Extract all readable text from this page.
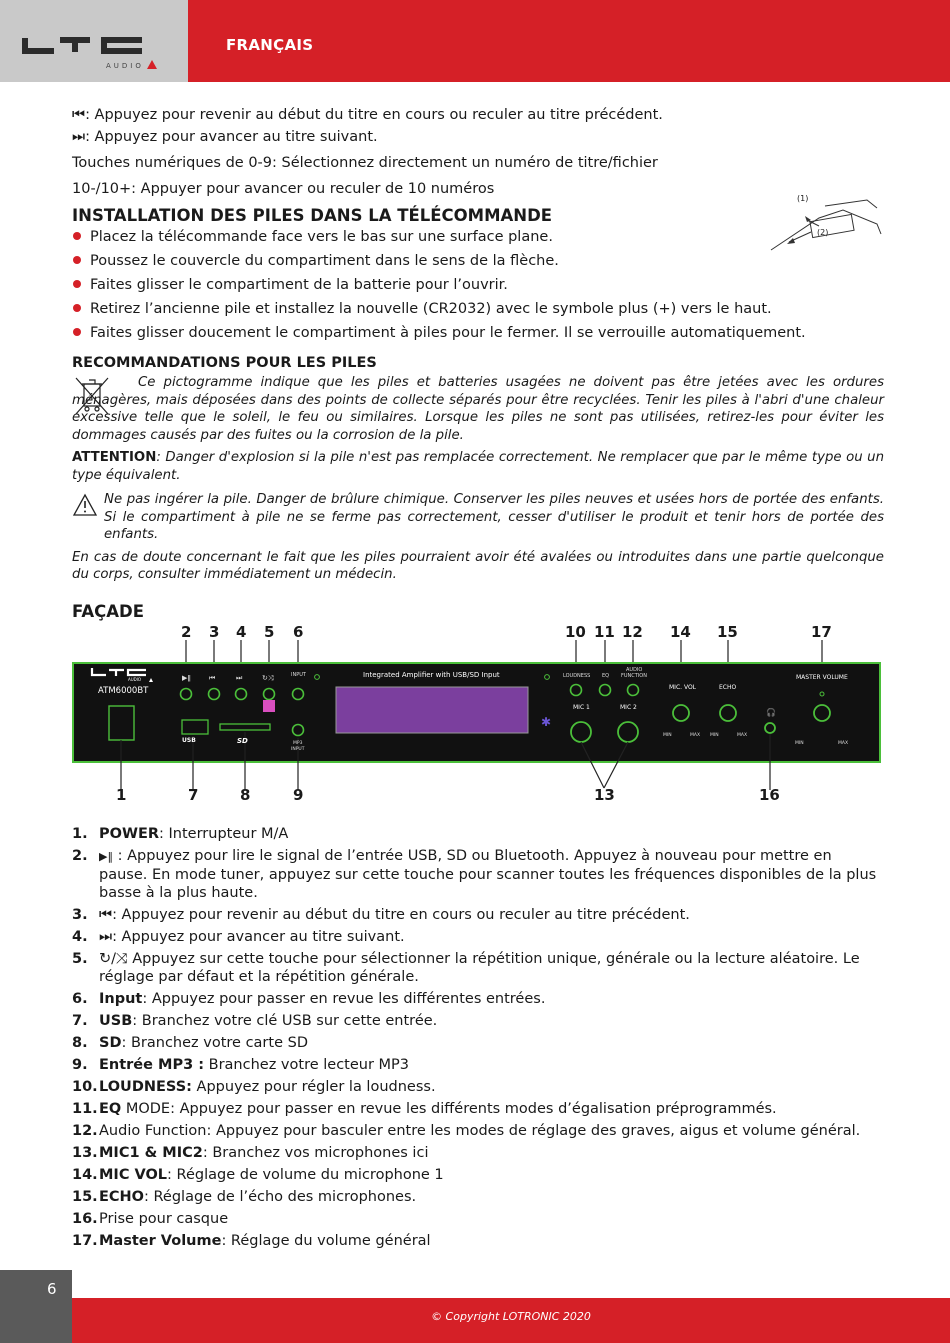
AUDIO
FRANÇAIS
⏮: Appuyez pour revenir au début du titre en cours ou reculer au titre précédent.
⏭: Appuyez pour avancer au titre suivant.
Touches numériques de 0-9: Sélectionnez directement un numéro de titre/fichier
10-/10+: Appuyer pour avancer ou reculer de 10 numéros
INSTALLATION DES PILES DANS LA TÉLÉCOMMANDE
Placez la télécommande face vers le bas sur une surface plane.
Poussez le couvercle du compartiment dans le sens de la flèche.
Faites glisser le compartiment de la batterie pour l’ouvrir.
Retirez l’ancienne pile et installez la nouvelle (CR2032) avec le symbole plus (+) vers le haut.
Faites glisser doucement le compartiment à piles pour le fermer. Il se verrouille automatiquement.
(1)
(2)
RECOMMANDATIONS POUR LES PILES
Ce pictogramme indique que les piles et batteries usagées ne doivent pas être jetées avec les ordures ménagères, mais déposées dans des points de collecte séparés pour être recyclées. Tenir les piles à l'abri d'une chaleur excessive telle que le soleil, le feu ou similaires. Lorsque les piles ne sont pas utilisées, retirez-les pour éviter les dommages causés par des fuites ou la corrosion de la pile.
ATTENTION: Danger d'explosion si la pile n'est pas remplacée correctement. Ne remplacer que par le même type ou un type équivalent.
Ne pas ingérer la pile. Danger de brûlure chimique. Conserver les piles neuves et usées hors de portée des enfants. Si le compartiment à pile ne se ferme pas correctement, cesser d'utiliser le produit et tenir hors de portée des enfants.
En cas de doute concernant le fait que les piles pourraient avoir été avalées ou introduites dans une partie quelconque du corps, consulter immédiatement un médecin.
FAÇADE
▶ǁ	⏮	⏭	↻⤨
✱
🎧
AUDIO
ATM6000BT
INPUT	Integrated Amplifier with USB/SD Input	LOUDNESS EQ
AUDIO
FUNCTION
MIC. VOL	ECHO
MASTER VOLUME
MIC 1	MIC 2
MIN	MAX MIN	MAX
MIN	MAX
USB	SD	MP3
INPUT
2 3 4 5 6	10 11 12 14 15	17
1	7	8	9	13	16
1. POWER: Interrupteur M/A
2. ▶‖ : Appuyez pour lire le signal de l’entrée USB, SD ou Bluetooth. Appuyez à nouveau pour mettre en pause. En mode tuner, appuyez sur cette touche pour scanner toutes les fréquences disponibles de la plus basse à la plus haute.
3. ⏮: Appuyez pour revenir au début du titre en cours ou reculer au titre précédent.
4. ⏭: Appuyez pour avancer au titre suivant.
5. ↻/⤨ Appuyez sur cette touche pour sélectionner la répétition unique, générale ou la lecture aléatoire. Le réglage par défaut et la répétition générale.
6. Input: Appuyez pour passer en revue les différentes entrées.
7. USB: Branchez votre clé USB sur cette entrée.
8. SD: Branchez votre carte SD
9. Entrée MP3 : Branchez votre lecteur MP3
10. LOUDNESS: Appuyez pour régler la loudness.
11. EQ MODE: Appuyez pour passer en revue les différents modes d’égalisation préprogrammés.
12. Audio Function: Appuyez pour basculer entre les modes de réglage des graves, aigus et volume général.
13. MIC1 & MIC2: Branchez vos microphones ici
14. MIC VOL: Réglage de volume du microphone 1
15. ECHO: Réglage de l’écho des microphones.
16. Prise pour casque
17. Master Volume: Réglage du volume général
6
© Copyright LOTRONIC 2020
